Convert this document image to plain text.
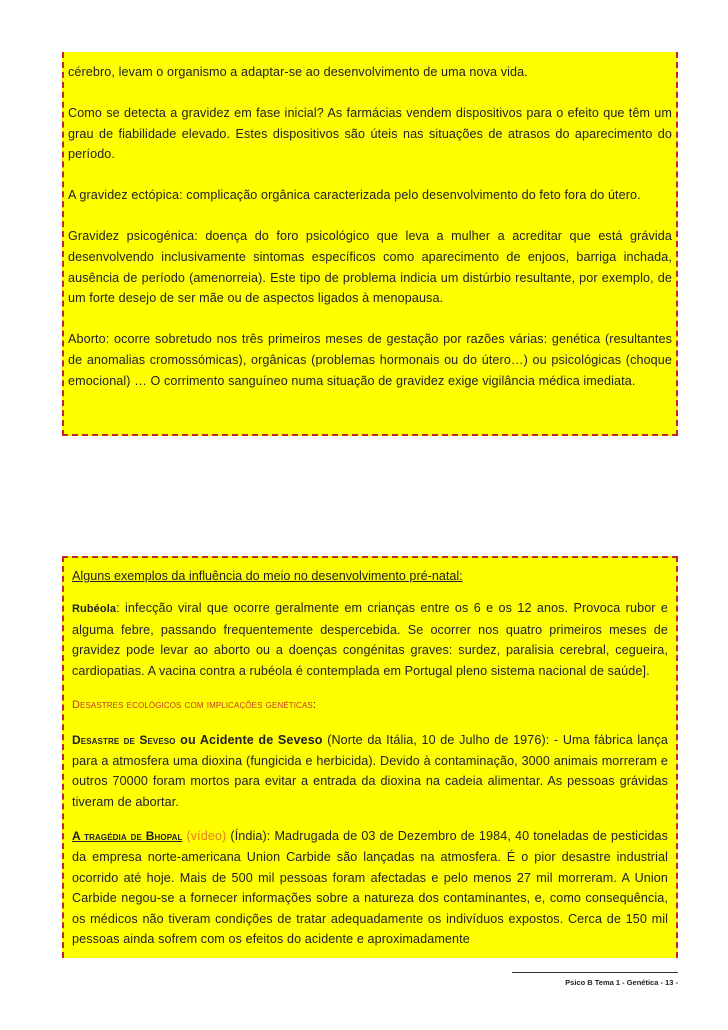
cérebro, levam o organismo a adaptar-se ao desenvolvimento de uma nova vida.

Como se detecta a gravidez em fase inicial? As farmácias vendem dispositivos para o efeito que têm um grau de fiabilidade elevado. Estes dispositivos são úteis nas situações de atrasos do aparecimento do período.

A gravidez ectópica: complicação orgânica caracterizada pelo desenvolvimento do feto fora do útero.

Gravidez psicogénica: doença do foro psicológico que leva a mulher a acreditar que está grávida desenvolvendo inclusivamente sintomas específicos como aparecimento de enjoos, barriga inchada, ausência de período (amenorreia). Este tipo de problema indicia um distúrbio resultante, por exemplo, de um forte desejo de ser mãe ou de aspectos ligados à menopausa.

Aborto: ocorre sobretudo nos três primeiros meses de gestação por razões várias: genética (resultantes de anomalias cromossómicas), orgânicas (problemas hormonais ou do útero…) ou psicológicas (choque emocional) … O corrimento sanguíneo numa situação de gravidez exige vigilância médica imediata.

Alguns exemplos da influência do meio no desenvolvimento pré-natal:

Rubéola: infecção viral que ocorre geralmente em crianças entre os 6 e os 12 anos. Provoca rubor e alguma febre, passando frequentemente despercebida. Se ocorrer nos quatro primeiros meses de gravidez pode levar ao aborto ou a doenças congénitas graves: surdez, paralisia cerebral, cegueira, cardiopatias. A vacina contra a rubéola é contemplada em Portugal pleno sistema nacional de saúde].

Desastres ecológicos com implicações genéticas:

Desastre de Seveso ou Acidente de Seveso (Norte da Itália, 10 de Julho de 1976): - Uma fábrica lança para a atmosfera uma dioxina (fungicida e herbicida). Devido à contaminação, 3000 animais morreram e outros 70000 foram mortos para evitar a entrada da dioxina na cadeia alimentar. As pessoas grávidas tiveram de abortar.

A tragédia de Bhopal (vídeo) (Índia): Madrugada de 03 de Dezembro de 1984, 40 toneladas de pesticidas da empresa norte-americana Union Carbide são lançadas na atmosfera. É o pior desastre industrial ocorrido até hoje. Mais de 500 mil pessoas foram afectadas e pelo menos 27 mil morreram. A Union Carbide negou-se a fornecer informações sobre a natureza dos contaminantes, e, como consequência, os médicos não tiveram condições de tratar adequadamente os indivíduos expostos. Cerca de 150 mil pessoas ainda sofrem com os efeitos do acidente e aproximadamente

Psico B Tema 1 - Genética - 13 -
